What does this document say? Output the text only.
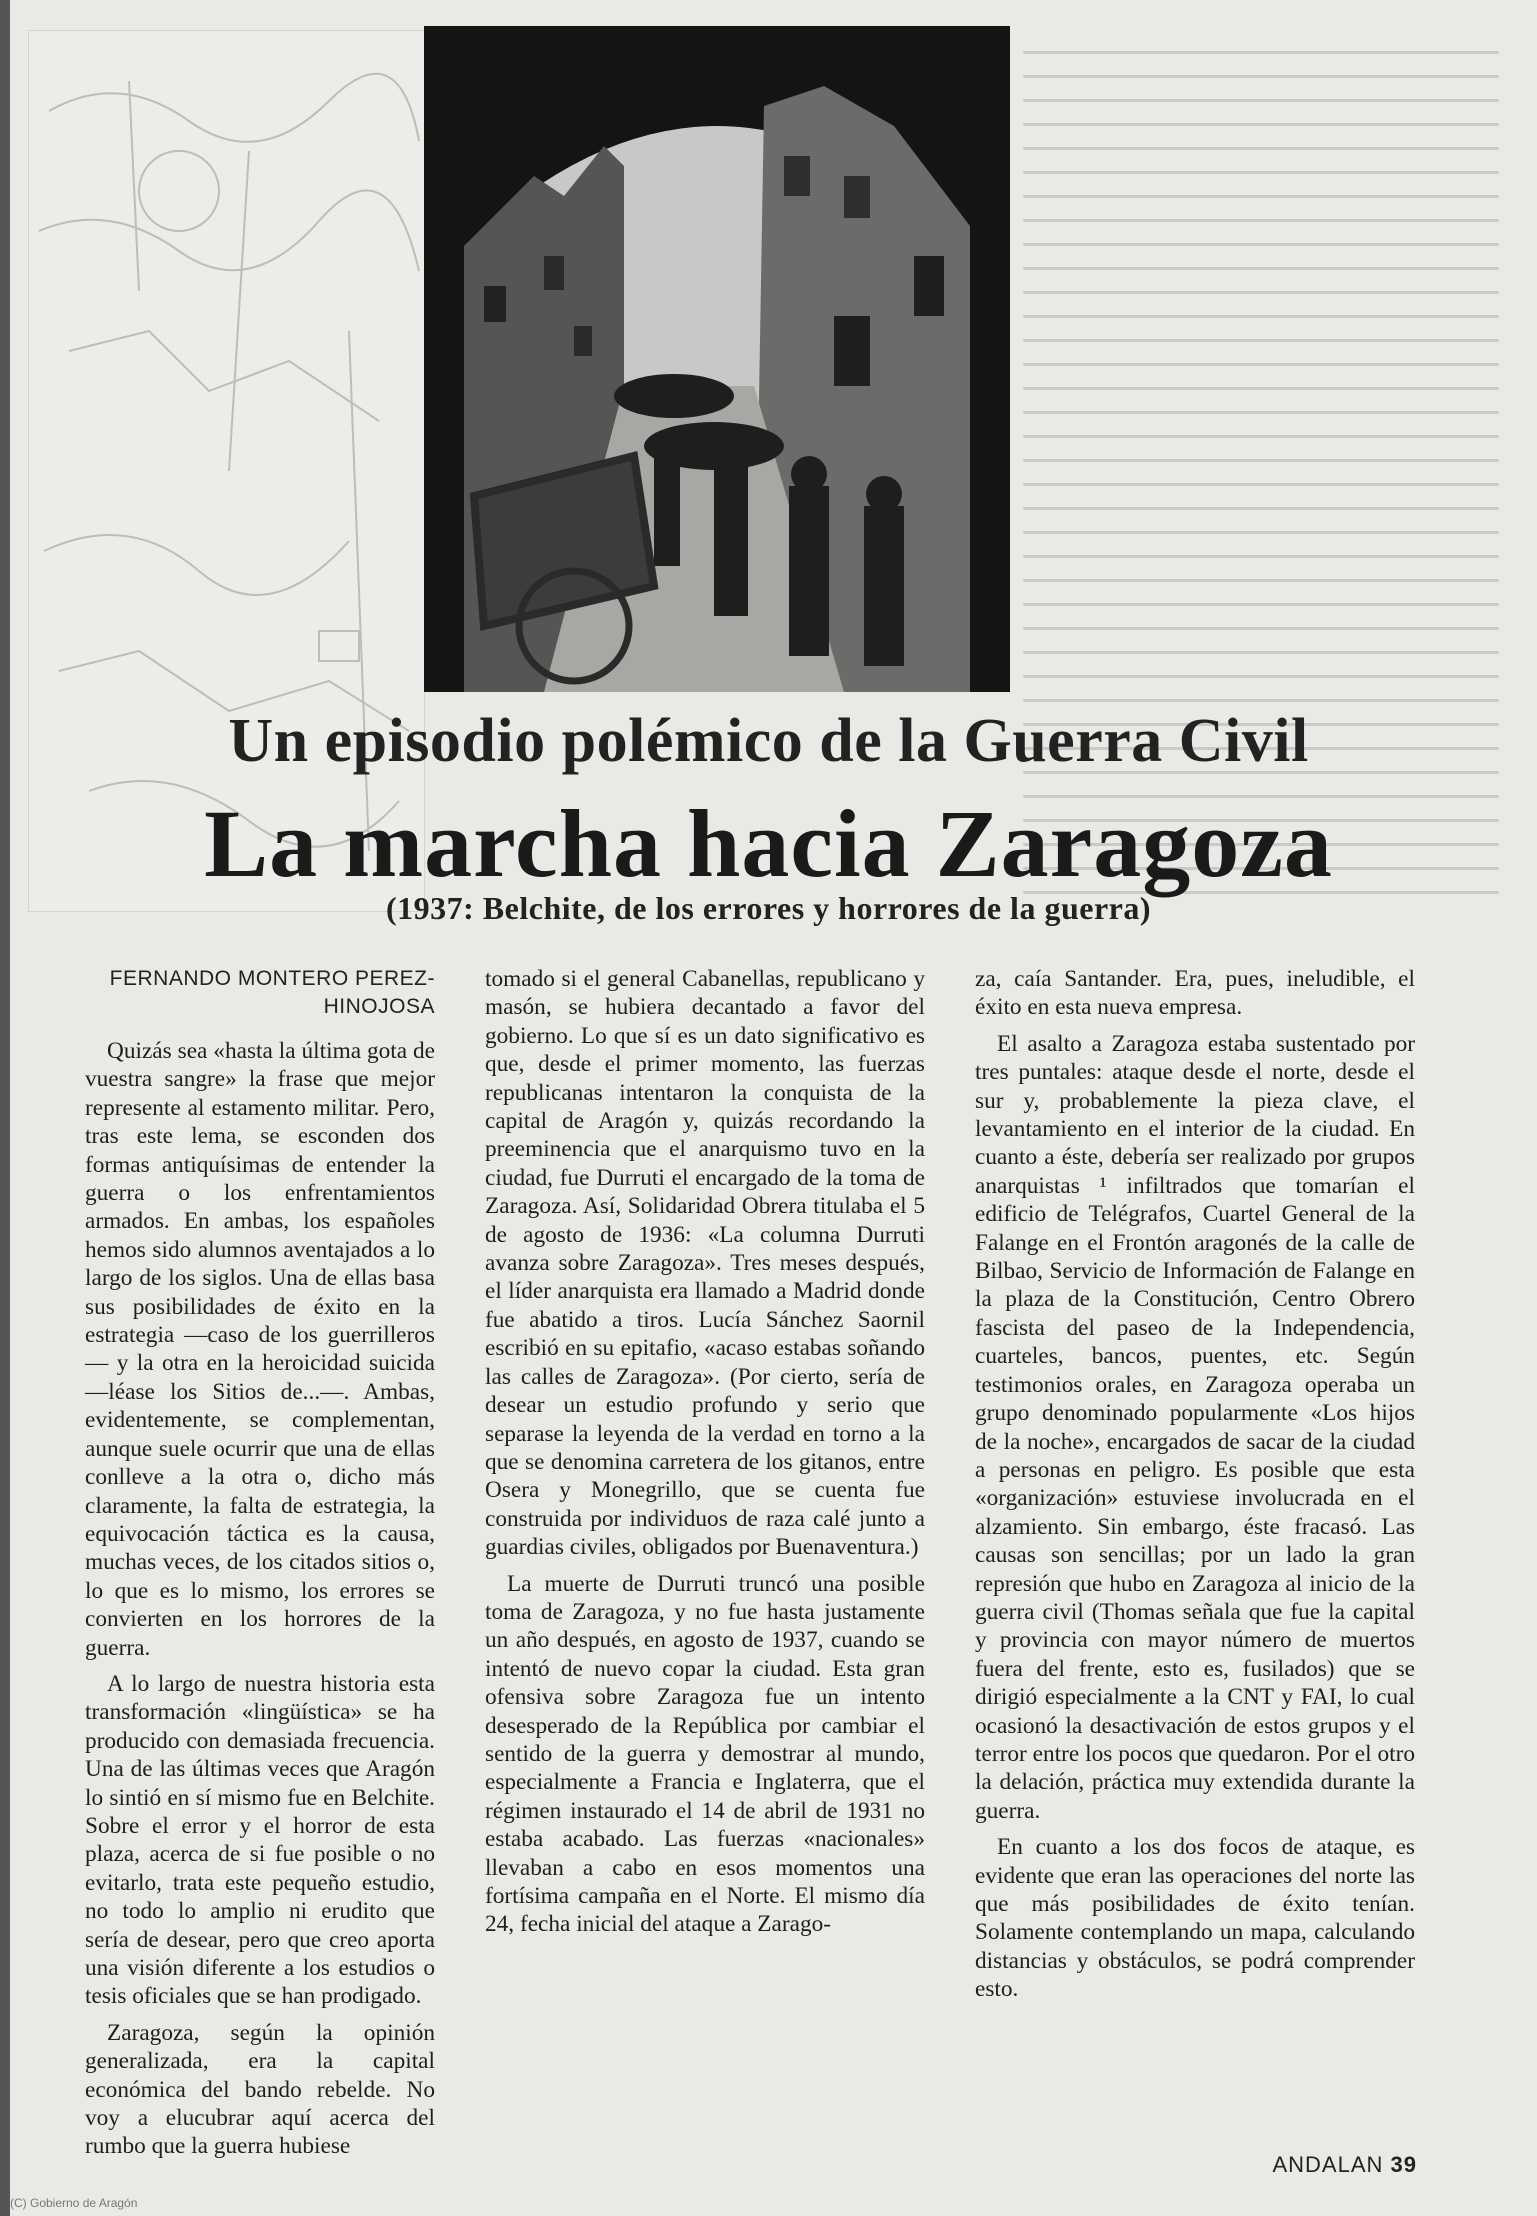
Un episodio polémico de la Guerra Civil
La marcha hacia Zaragoza
(1937: Belchite, de los errores y horrores de la guerra)
FERNANDO MONTERO PEREZ-HINOJOSA

Quizás sea «hasta la última gota de vuestra sangre» la frase que mejor represente al estamento militar. Pero, tras este lema, se esconden dos formas antiquísimas de entender la guerra o los enfrentamientos armados. En ambas, los españoles hemos sido alumnos aventajados a lo largo de los siglos. Una de ellas basa sus posibilidades de éxito en la estrategia —caso de los guerrilleros— y la otra en la heroicidad suicida —léase los Sitios de...—. Ambas, evidentemente, se complementan, aunque suele ocurrir que una de ellas conlleve a la otra o, dicho más claramente, la falta de estrategia, la equivocación táctica es la causa, muchas veces, de los citados sitios o, lo que es lo mismo, los errores se convierten en los horrores de la guerra.

A lo largo de nuestra historia esta transformación «lingüística» se ha producido con demasiada frecuencia. Una de las últimas veces que Aragón lo sintió en sí mismo fue en Belchite. Sobre el error y el horror de esta plaza, acerca de si fue posible o no evitarlo, trata este pequeño estudio, no todo lo amplio ni erudito que sería de desear, pero que creo aporta una visión diferente a los estudios o tesis oficiales que se han prodigado.

Zaragoza, según la opinión generalizada, era la capital económica del bando rebelde. No voy a elucubrar aquí acerca del rumbo que la guerra hubiese

tomado si el general Cabanellas, republicano y masón, se hubiera decantado a favor del gobierno. Lo que sí es un dato significativo es que, desde el primer momento, las fuerzas republicanas intentaron la conquista de la capital de Aragón y, quizás recordando la preeminencia que el anarquismo tuvo en la ciudad, fue Durruti el encargado de la toma de Zaragoza. Así, Solidaridad Obrera titulaba el 5 de agosto de 1936: «La columna Durruti avanza sobre Zaragoza». Tres meses después, el líder anarquista era llamado a Madrid donde fue abatido a tiros. Lucía Sánchez Saornil escribió en su epitafio, «acaso estabas soñando las calles de Zaragoza». (Por cierto, sería de desear un estudio profundo y serio que separase la leyenda de la verdad en torno a la que se denomina carretera de los gitanos, entre Osera y Monegrillo, que se cuenta fue construida por individuos de raza calé junto a guardias civiles, obligados por Buenaventura.)

La muerte de Durruti truncó una posible toma de Zaragoza, y no fue hasta justamente un año después, en agosto de 1937, cuando se intentó de nuevo copar la ciudad. Esta gran ofensiva sobre Zaragoza fue un intento desesperado de la República por cambiar el sentido de la guerra y demostrar al mundo, especialmente a Francia e Inglaterra, que el régimen instaurado el 14 de abril de 1931 no estaba acabado. Las fuerzas «nacionales» llevaban a cabo en esos momentos una fortísima campaña en el Norte. El mismo día 24, fecha inicial del ataque a Zarago-

za, caía Santander. Era, pues, ineludible, el éxito en esta nueva empresa.

El asalto a Zaragoza estaba sustentado por tres puntales: ataque desde el norte, desde el sur y, probablemente la pieza clave, el levantamiento en el interior de la ciudad. En cuanto a éste, debería ser realizado por grupos anarquistas ¹ infiltrados que tomarían el edificio de Telégrafos, Cuartel General de la Falange en el Frontón aragonés de la calle de Bilbao, Servicio de Información de Falange en la plaza de la Constitución, Centro Obrero fascista del paseo de la Independencia, cuarteles, bancos, puentes, etc. Según testimonios orales, en Zaragoza operaba un grupo denominado popularmente «Los hijos de la noche», encargados de sacar de la ciudad a personas en peligro. Es posible que esta «organización» estuviese involucrada en el alzamiento. Sin embargo, éste fracasó. Las causas son sencillas; por un lado la gran represión que hubo en Zaragoza al inicio de la guerra civil (Thomas señala que fue la capital y provincia con mayor número de muertos fuera del frente, esto es, fusilados) que se dirigió especialmente a la CNT y FAI, lo cual ocasionó la desactivación de estos grupos y el terror entre los pocos que quedaron. Por el otro la delación, práctica muy extendida durante la guerra.

En cuanto a los dos focos de ataque, es evidente que eran las operaciones del norte las que más posibilidades de éxito tenían. Solamente contemplando un mapa, calculando distancias y obstáculos, se podrá comprender esto.

ANDALAN 39
(C) Gobierno de Aragón
